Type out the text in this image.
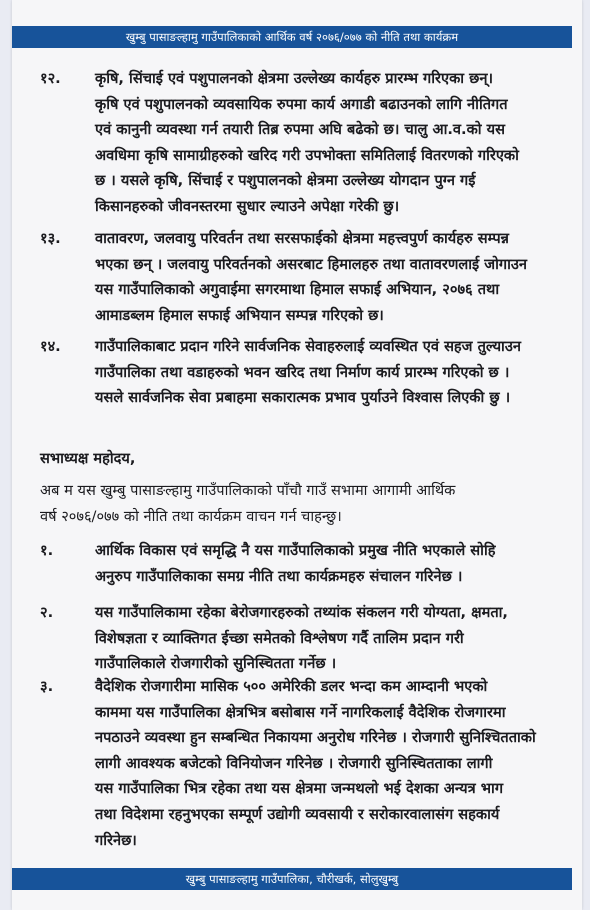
खुम्बु पासाङल्हामु गाउँपालिकाको आर्थिक वर्ष २०७६/०७७ को नीति तथा कार्यक्रम
१२. कृषि, सिंचाई एवं पशुपालनको क्षेत्रमा उल्लेख्य कार्यहरु प्रारम्भ गरिएका छन्।
कृषि एवं पशुपालनको व्यवसायिक रुपमा कार्य अगाडी बढाउनको लागि नीतिगत
एवं कानुनी व्यवस्था गर्न तयारी तिब्र रुपमा अघि बढेको छ। चालु आ.व.को यस
अवधिमा कृषि सामाग्रीहरुको खरिद गरी उपभोक्ता समितिलाई वितरणको गरिएको
छ । यसले कृषि, सिंचाई र पशुपालनको क्षेत्रमा उल्लेख्य योगदान पुग्न गई
किसानहरुको जीवनस्तरमा सुधार ल्याउने अपेक्षा गरेकी छु।
१३. वातावरण, जलवायु परिवर्तन तथा सरसफाईको क्षेत्रमा महत्त्वपुर्ण कार्यहरु सम्पन्न
भएका छन् । जलवायु परिवर्तनको असरबाट हिमालहरु तथा वातावरणलाई जोगाउन
यस गाउँपालिकाको अगुवाईमा सगरमाथा हिमाल सफाई अभियान, २०७६ तथा
आमाडब्लम हिमाल सफाई अभियान सम्पन्न गरिएको छ।
१४. गाउँपालिकाबाट प्रदान गरिने सार्वजनिक सेवाहरुलाई व्यवस्थित एवं सहज तुल्याउन
गाउँपालिका तथा वडाहरुको भवन खरिद तथा निर्माण कार्य प्रारम्भ गरिएको छ ।
यसले सार्वजनिक सेवा प्रबाहमा सकारात्मक प्रभाव पुर्याउने विश्वास लिएकी छु ।
सभाध्यक्ष महोदय,
अब म यस खुम्बु पासाङल्हामु गाउँपालिकाको पाँचौ गाउँ सभामा आगामी आर्थिक
वर्ष २०७६/०७७ को नीति तथा कार्यक्रम वाचन गर्न चाहन्छु।
१.	आर्थिक विकास एवं समृद्धि नै यस गाउँपालिकाको प्रमुख नीति भएकाले सोहि
अनुरुप गाउँपालिकाका समग्र नीति तथा कार्यक्रमहरु संचालन गरिनेछ ।
२.	यस गाउँपालिकामा रहेका बेरोजगारहरुको तथ्यांक संकलन गरी योग्यता, क्षमता,
विशेषज्ञता र व्याक्तिगत ईच्छा समेतको विश्लेषण गर्दै तालिम प्रदान गरी
गाउँपालिकाले रोजगारीको सुनिस्चितता गर्नेछ ।
३.	वैदेशिक रोजगारीमा मासिक ५०० अमेरिकी डलर भन्दा कम आम्दानी भएको
काममा यस गाउँपालिका क्षेत्रभित्र बसोबास गर्ने नागरिकलाई वैदेशिक रोजगारमा
नपठाउने व्यवस्था हुन सम्बन्धित निकायमा अनुरोध गरिनेछ । रोजगारी सुनिश्चितताको
लागी आवश्यक बजेटको विनियोजन गरिनेछ । रोजगारी सुनिस्चितताका लागी
यस गाउँपालिका भित्र रहेका तथा यस क्षेत्रमा जन्मथलो भई देशका अन्यत्र भाग
तथा विदेशमा रहनुभएका सम्पूर्ण उद्योगी व्यवसायी र सरोकारवालासंग सहकार्य
गरिनेछ।
खुम्बु पासाङल्हामु गाउँपालिका, चौरीखर्क, सोलुखुम्बु
